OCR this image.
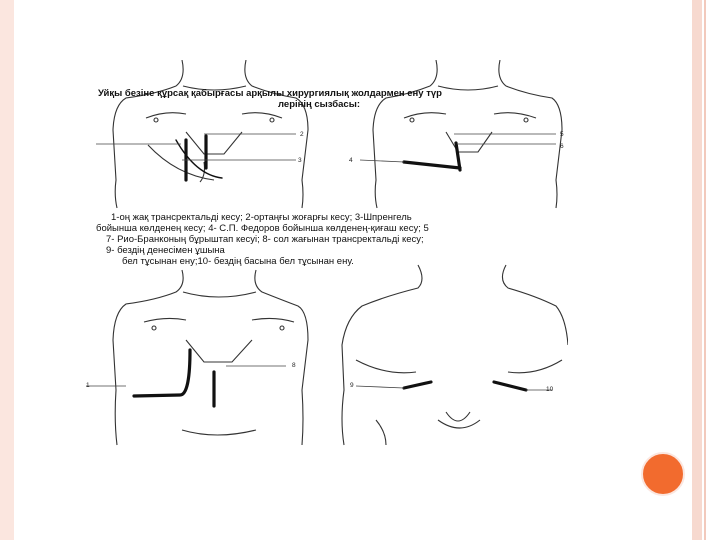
2
3	4
5
6
8
1	9
10
Уйқы безіне құрсақ қабырғасы арқылы хирургиялық жолдармен ену түр
лерінің сызбасы:
1-оң жақ трансректальді кесу; 2-ортаңғы жоғарғы кесу; 3-Шпренгель
бойынша көлденең кесу; 4- С.П. Федоров бойынша көлденең-қиғаш кесу; 5
7- Рио-Бранконың бұрыштап кесуі; 8- сол жағынан трансректальді кесу;
9- бездің денесімен ұшына
бел тұсынан ену;10- бездің басына бел тұсынан ену.
